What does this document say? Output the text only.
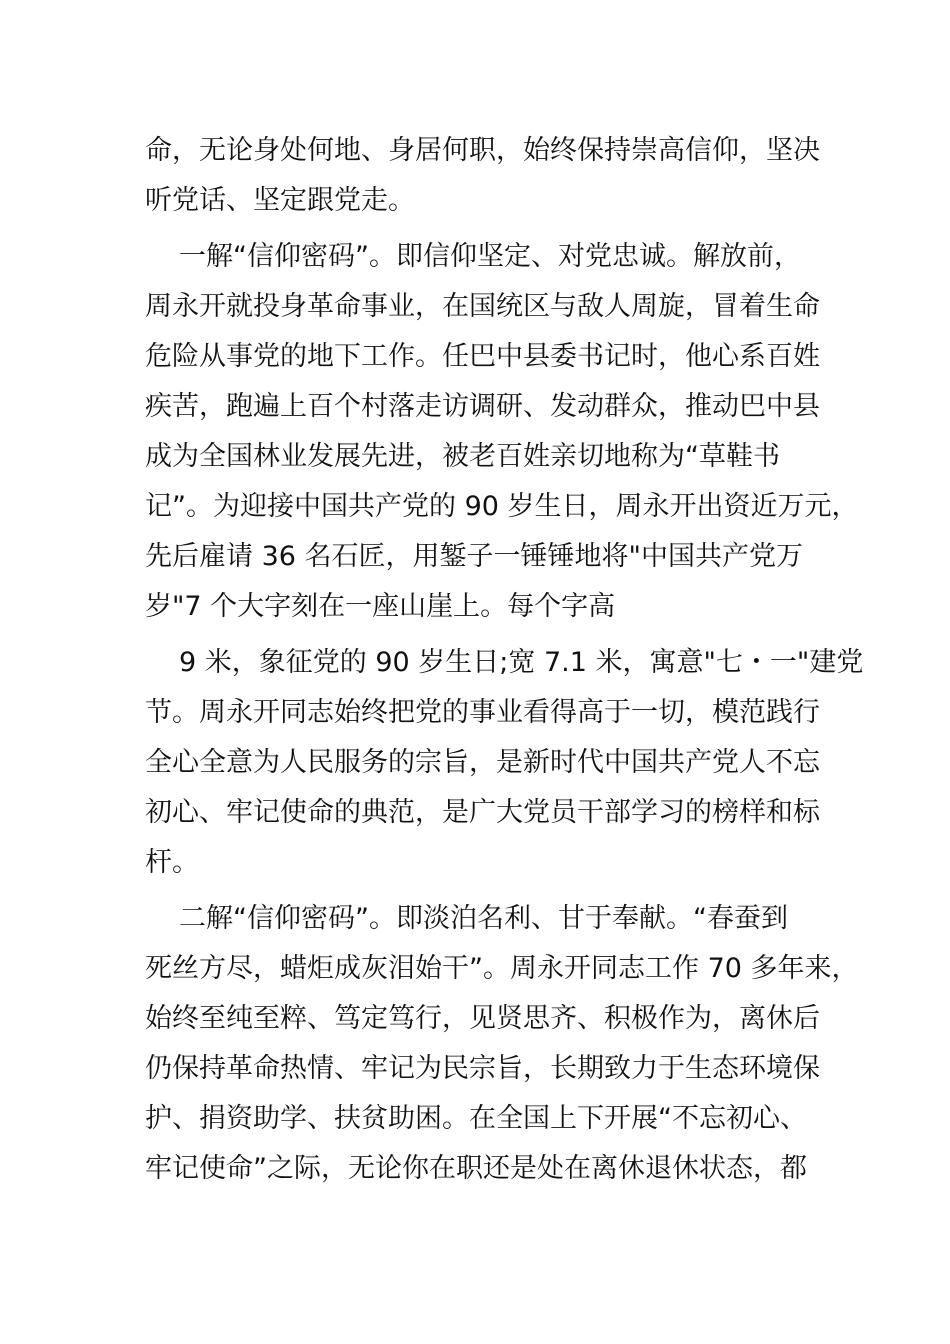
命，无论身处何地、身居何职，始终保持崇高信仰，坚决
听党话、坚定跟党走。
一解“信仰密码”。即信仰坚定、对党忠诚。解放前，
周永开就投身革命事业，在国统区与敌人周旋，冒着生命
危险从事党的地下工作。任巴中县委书记时，他心系百姓
疾苦，跑遍上百个村落走访调研、发动群众，推动巴中县
成为全国林业发展先进，被老百姓亲切地称为“草鞋书
记”。为迎接中国共产党的 90 岁生日，周永开出资近万元，
先后雇请 36 名石匠，用錾子一锤锤地将"中国共产党万
岁"7 个大字刻在一座山崖上。每个字高
9 米，象征党的 90 岁生日;宽 7.1 米，寓意"七・一"建党
节。周永开同志始终把党的事业看得高于一切，模范践行
全心全意为人民服务的宗旨，是新时代中国共产党人不忘
初心、牢记使命的典范，是广大党员干部学习的榜样和标
杆。
二解“信仰密码”。即淡泊名利、甘于奉献。“春蚕到
死丝方尽，蜡炬成灰泪始干”。周永开同志工作 70 多年来，
始终至纯至粹、笃定笃行，见贤思齐、积极作为，离休后
仍保持革命热情、牢记为民宗旨，长期致力于生态环境保
护、捐资助学、扶贫助困。在全国上下开展“不忘初心、
牢记使命”之际，无论你在职还是处在离休退休状态，都
